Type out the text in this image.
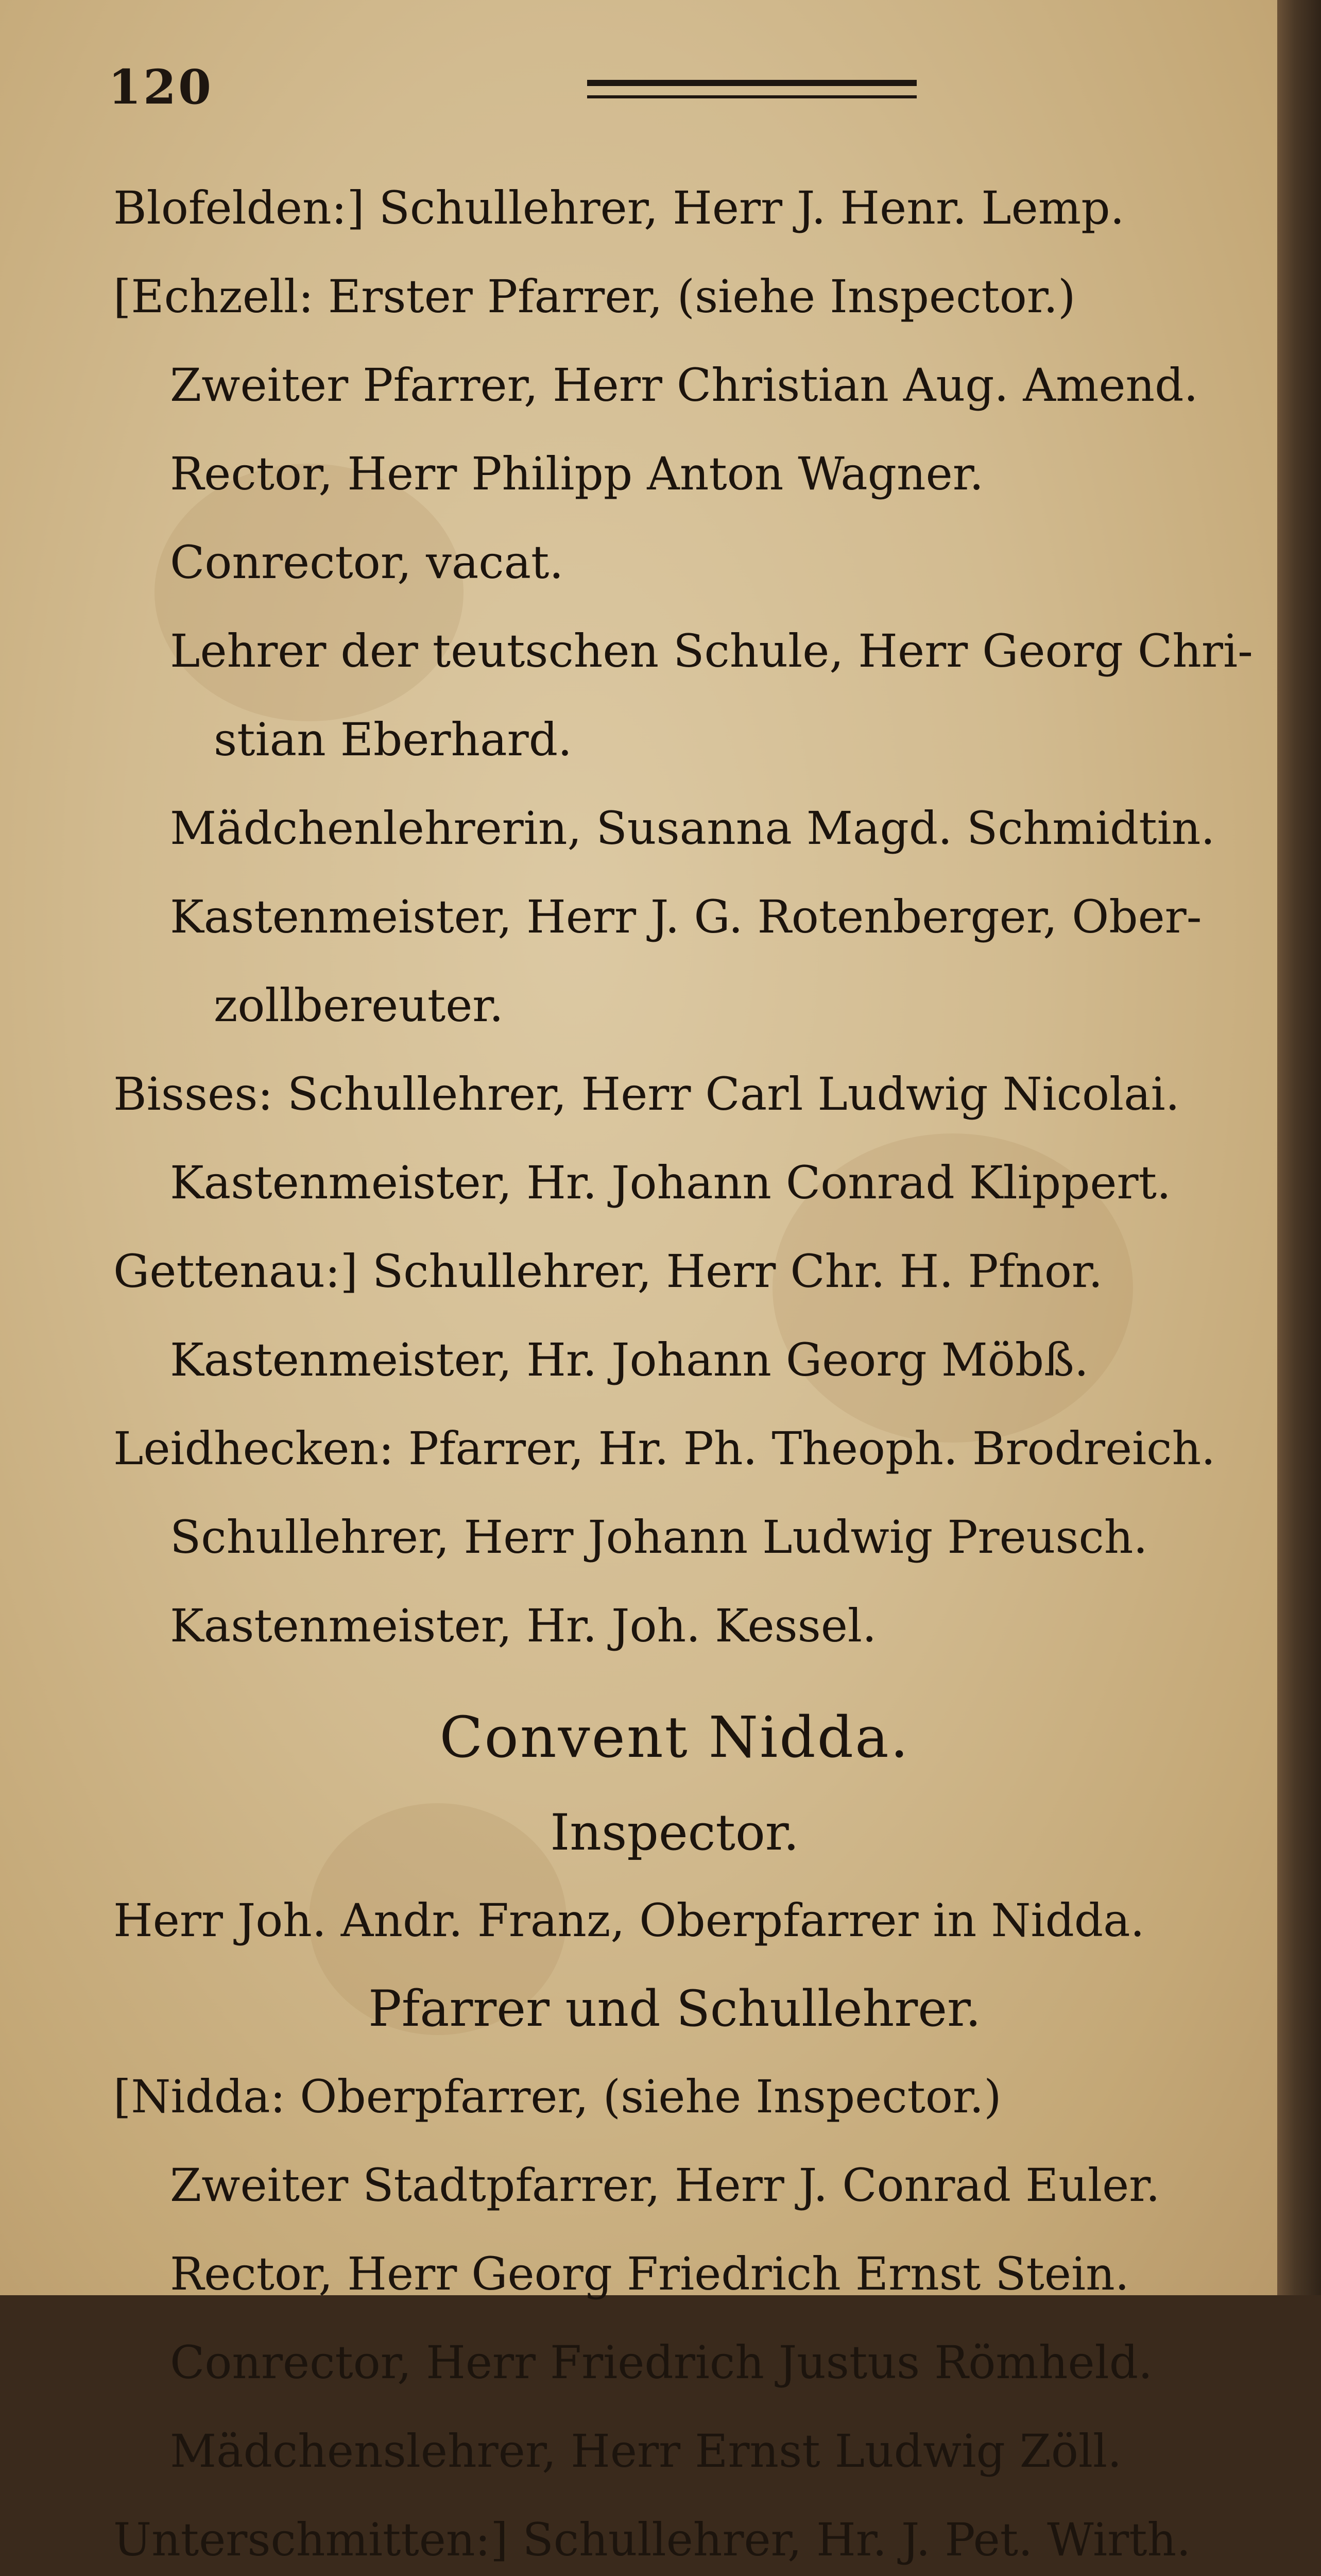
120
Blofelden:] Schullehrer, Herr J. Henr. Lemp.
[Echzell: Erster Pfarrer, (siehe Inspector.)
Zweiter Pfarrer, Herr Christian Aug. Amend.
Rector, Herr Philipp Anton Wagner.
Conrector, vacat.
Lehrer der teutschen Schule, Herr Georg Chri-
stian Eberhard.
Mädchenlehrerin, Susanna Magd. Schmidtin.
Kastenmeister, Herr J. G. Rotenberger, Ober-
zollbereuter.
Bisses: Schullehrer, Herr Carl Ludwig Nicolai.
Kastenmeister, Hr. Johann Conrad Klippert.
Gettenau:] Schullehrer, Herr Chr. H. Pfnor.
Kastenmeister, Hr. Johann Georg Möbß.
Leidhecken: Pfarrer, Hr. Ph. Theoph. Brodreich.
Schullehrer, Herr Johann Ludwig Preusch.
Kastenmeister, Hr. Joh. Kessel.
Convent Nidda.
Inspector.
Herr Joh. Andr. Franz, Oberpfarrer in Nidda.
Pfarrer und Schullehrer.
[Nidda: Oberpfarrer, (siehe Inspector.)
Zweiter Stadtpfarrer, Herr J. Conrad Euler.
Rector, Herr Georg Friedrich Ernst Stein.
Conrector, Herr Friedrich Justus Römheld.
Mädchenslehrer, Herr Ernst Ludwig Zöll.
Unterschmitten:] Schullehrer, Hr. J. Pet. Wirth.
